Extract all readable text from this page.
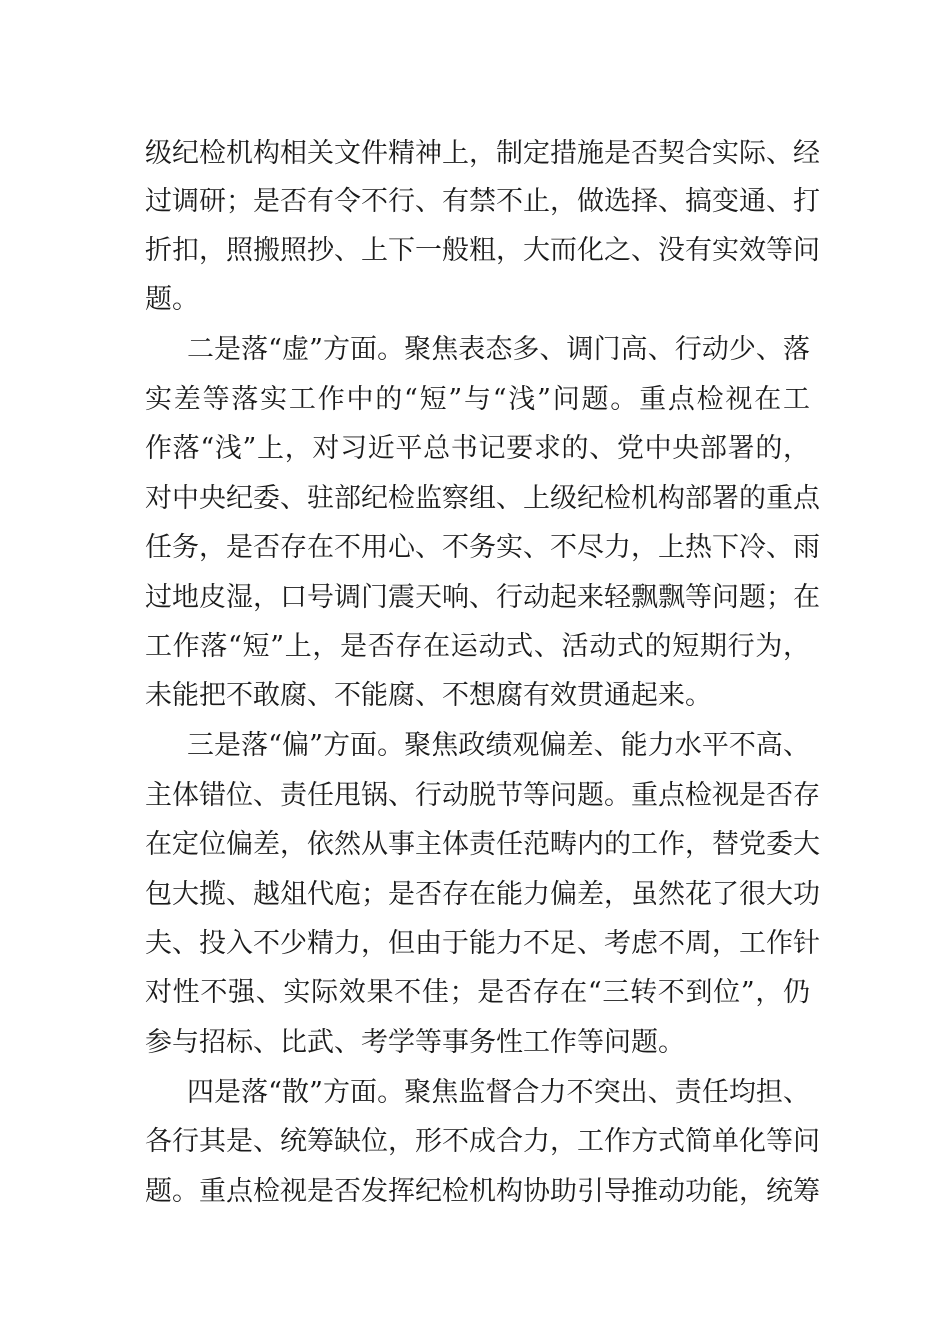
级纪检机构相关文件精神上，制定措施是否契合实际、经
过调研；是否有令不行、有禁不止，做选择、搞变通、打
折扣，照搬照抄、上下一般粗，大而化之、没有实效等问
题。
二是落“虚”方面。聚焦表态多、调门高、行动少、落
实差等落实工作中的“短”与“浅”问题。重点检视在工
作落“浅”上，对习近平总书记要求的、党中央部署的，
对中央纪委、驻部纪检监察组、上级纪检机构部署的重点
任务，是否存在不用心、不务实、不尽力，上热下冷、雨
过地皮湿，口号调门震天响、行动起来轻飘飘等问题；在
工作落“短”上，是否存在运动式、活动式的短期行为，
未能把不敢腐、不能腐、不想腐有效贯通起来。
三是落“偏”方面。聚焦政绩观偏差、能力水平不高、
主体错位、责任甩锅、行动脱节等问题。重点检视是否存
在定位偏差，依然从事主体责任范畴内的工作，替党委大
包大揽、越俎代庖；是否存在能力偏差，虽然花了很大功
夫、投入不少精力，但由于能力不足、考虑不周，工作针
对性不强、实际效果不佳；是否存在“三转不到位”，仍
参与招标、比武、考学等事务性工作等问题。
四是落“散”方面。聚焦监督合力不突出、责任均担、
各行其是、统筹缺位，形不成合力，工作方式简单化等问
题。重点检视是否发挥纪检机构协助引导推动功能，统筹
